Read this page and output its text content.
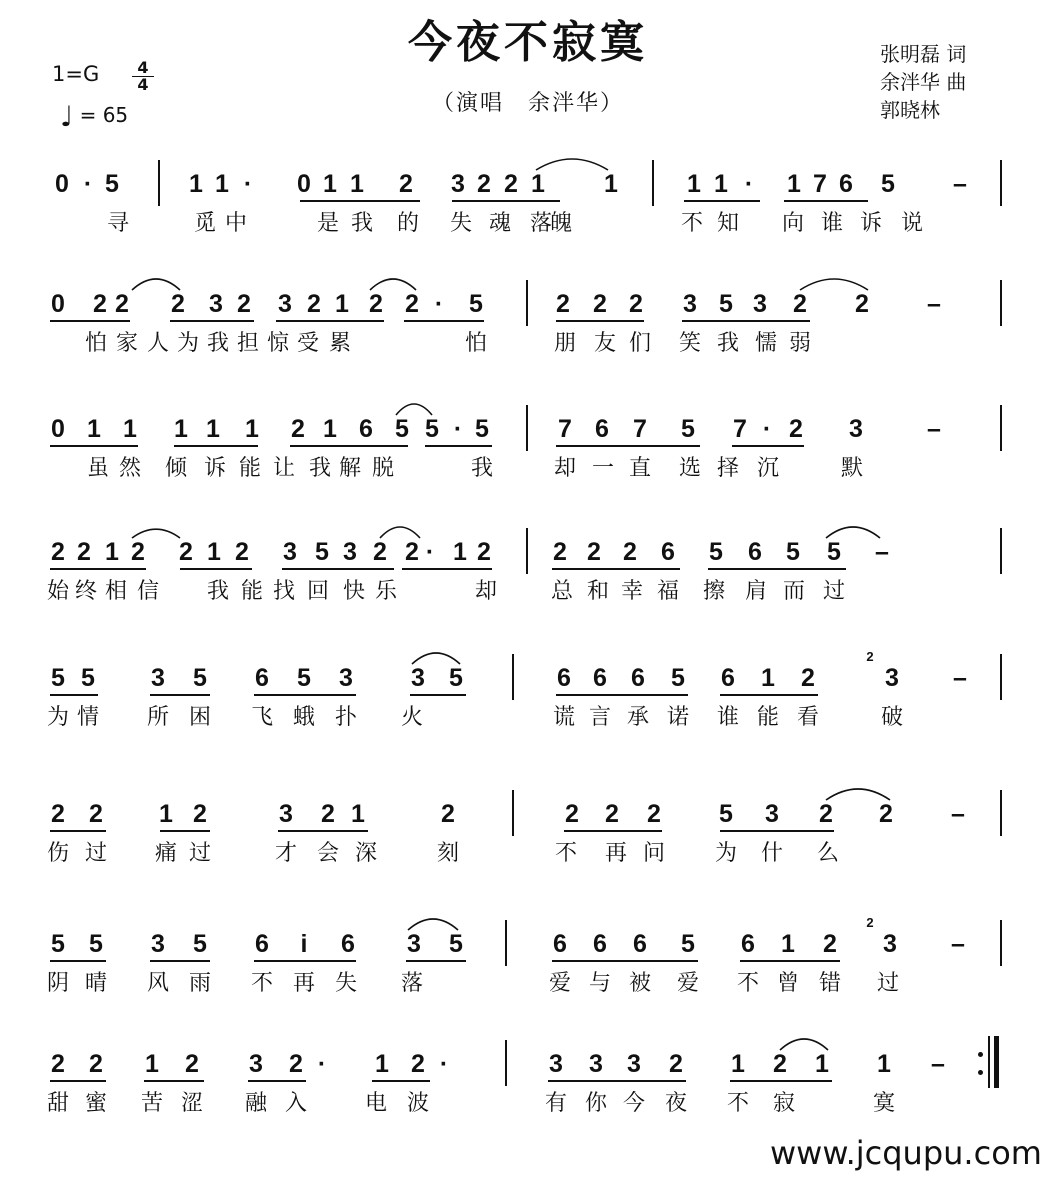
今夜不寂寞
（演唱　余泮华）
$1=G \frac{4}{4}$
♩ = 65
张明磊 词
余泮华 曲
郭晓林
0 · 5	1 1 · 0 1 1 2 3 2 2 1 1	1 1 · 1 7 6 5 –
寻	觅 中	是 我 的 失 魂 落
魄	不 知 向 谁 诉 说
0 2 2 2 3 2 3 2 1 2 2 · 5	2 2 2 3 5 3 2 2 –
怕 家 人 为 我 担 惊 受 累	怕	朋 友 们 笑 我 懦 弱
0 1 1 1 1 1 2 1 6 5 5 · 5	7 6 7 5 7 · 2 3	–
虽 然 倾 诉 能 让 我 解 脱	我	却 一 直 选 择 沉	默
2 2 1 2 2 1 2 3 5 3 2 2 · 1 2 2 2 2 6 5 6 5 5 –
始 终 相 信 我 能 找 回 快 乐	却 总 和 幸 福 擦 肩 而 过
5 5 3 5 6 5 3 3 5	6 6 6 5 6 1 2	3 –
为 情 所 困 飞 蛾 扑 火	谎 言 承 诺 谁 能 看	破
2
2 2 1 2	3 2 1	2	2 2 2 5 3 2 2 –
伤 过 痛 过	才 会 深	刻	不 再 问 为 什 么
5 5 3 5 6	i	6 3 5	6 6 6 5 6 1 2 3 –
阴 晴 风 雨 不 再 失 落	爱 与 被 爱 不 曾 错 过
2
2 2 1 2 3 2 · 1 2 ·	3 3 3 2 1 2 1 1 –
甜 蜜 苦 涩 融 入	电 波	有 你 今 夜 不 寂	寞
www.jcqupu.com
